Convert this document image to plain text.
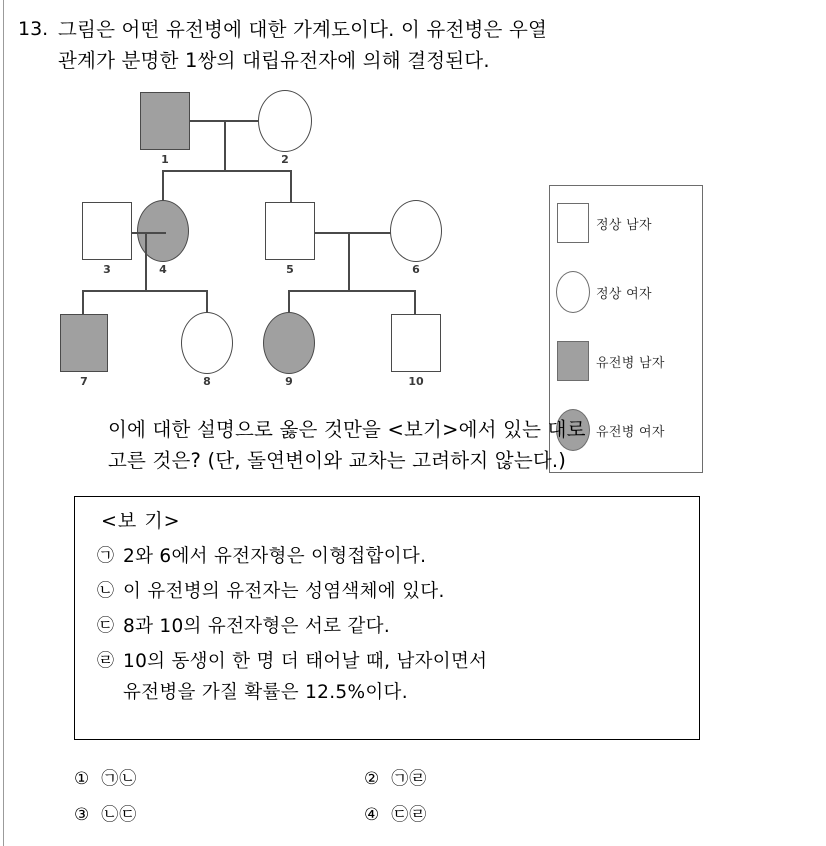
13. 그림은 어떤 유전병에 대한 가계도이다. 이 유전병은 우열
관계가 분명한 1쌍의 대립유전자에 의해 결정된다.
1	2
3	4	5	6
7	8	9	10
정상 남자
정상 여자
유전병 남자
유전병 여자
이에 대한 설명으로 옳은 것만을 <보기>에서 있는 대로
고른 것은? (단, 돌연변이와 교차는 고려하지 않는다.)
<보 기>
㉠ 2와 6에서 유전자형은 이형접합이다.
㉡ 이 유전병의 유전자는 성염색체에 있다.
㉢ 8과 10의 유전자형은 서로 같다.
㉣ 10의 동생이 한 명 더 태어날 때, 남자이면서
유전병을 가질 확률은 12.5%이다.
① ㉠㉡	② ㉠㉣
③ ㉡㉢	④ ㉢㉣
